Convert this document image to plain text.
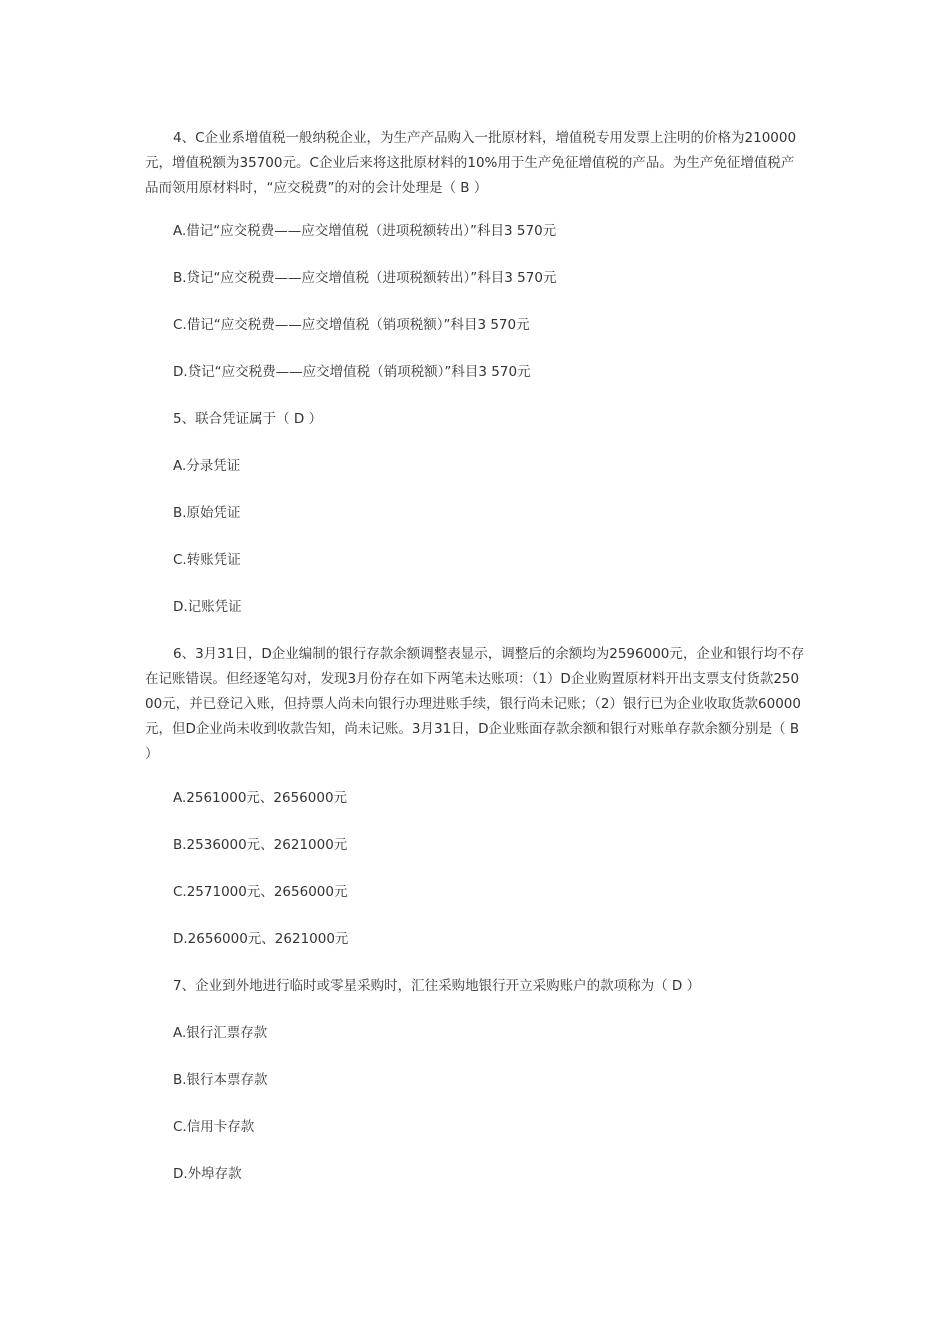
4、C企业系增值税一般纳税企业，为生产产品购入一批原材料，增值税专用发票上注明的价格为210000元，增值税额为35700元。C企业后来将这批原材料的10%用于生产免征增值税的产品。为生产免征增值税产品而领用原材料时，“应交税费”的对的会计处理是（ B ）

A.借记“应交税费——应交增值税（进项税额转出）”科目3 570元

B.贷记“应交税费——应交增值税（进项税额转出）”科目3 570元

C.借记“应交税费——应交增值税（销项税额）”科目3 570元

D.贷记“应交税费——应交增值税（销项税额）”科目3 570元

5、联合凭证属于（ D ）

A.分录凭证

B.原始凭证

C.转账凭证

D.记账凭证

6、3月31日，D企业编制的银行存款余额调整表显示，调整后的余额均为2596000元，企业和银行均不存在记账错误。但经逐笔勾对，发现3月份存在如下两笔未达账项：（1）D企业购置原材料开出支票支付货款25000元，并已登记入账，但持票人尚未向银行办理进账手续，银行尚未记账；（2）银行已为企业收取货款60000元，但D企业尚未收到收款告知，尚未记账。3月31日，D企业账面存款余额和银行对账单存款余额分别是（ B ）

A.2561000元、2656000元

B.2536000元、2621000元

C.2571000元、2656000元

D.2656000元、2621000元

7、企业到外地进行临时或零星采购时，汇往采购地银行开立采购账户的款项称为（ D ）

A.银行汇票存款

B.银行本票存款

C.信用卡存款

D.外埠存款
